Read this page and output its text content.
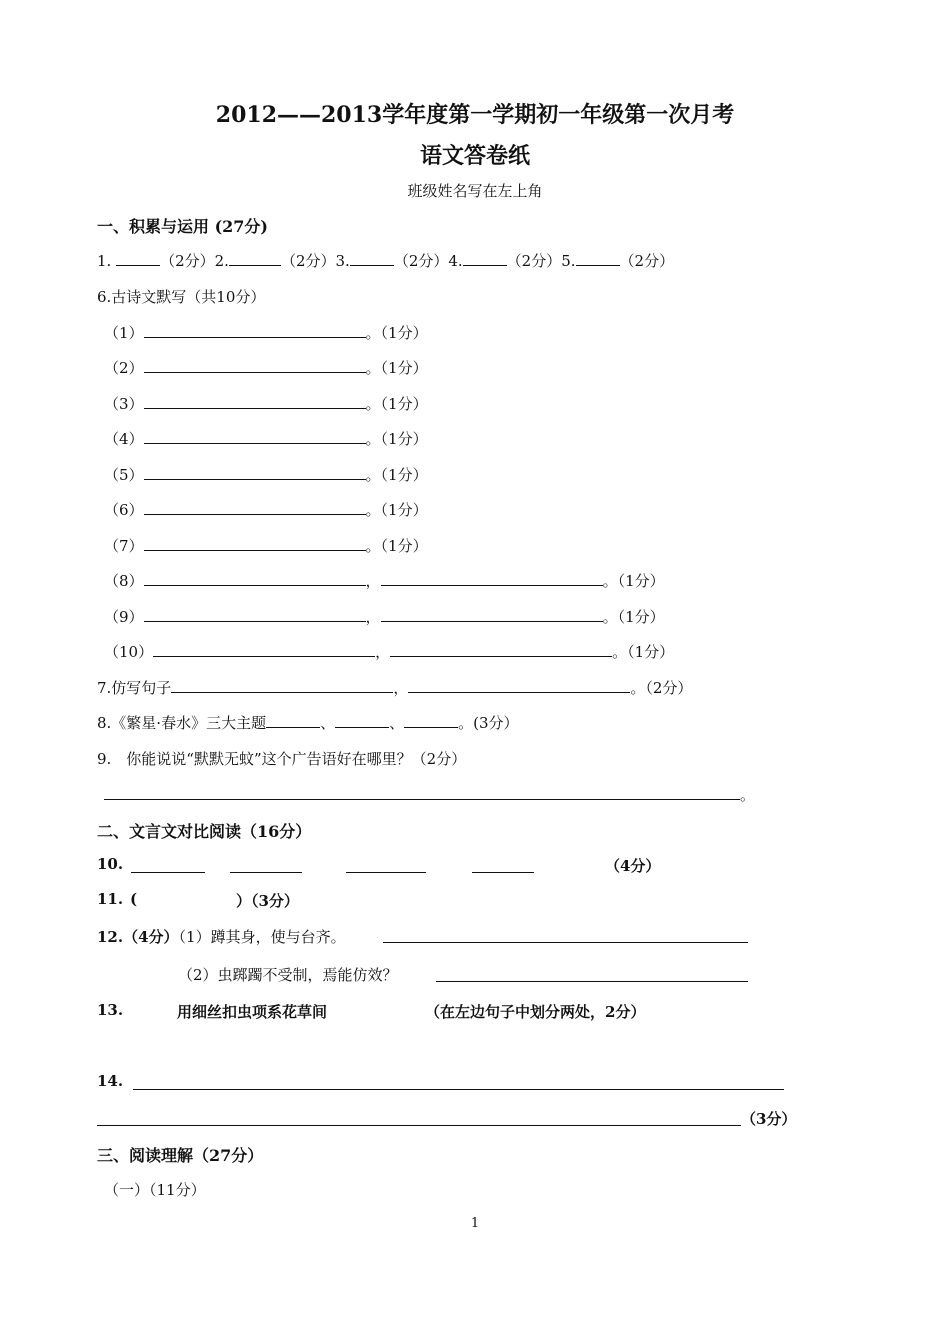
2012——2013学年度第一学期初一年级第一次月考
语文答卷纸
班级姓名写在左上角
一、积累与运用 (27分)
1.	（2分）2.	（2分）3.	（2分）4.	（2分）5.	（2分）
6.古诗文默写（共10分）
（1）	。（1分）
（2）	。（1分）
（3）	。（1分）
（4）	。（1分）
（5）	。（1分）
（6）	。（1分）
（7）	。（1分）
（8）	，	。（1分）
（9）	，	。（1分）
（10）	，	。（1分）
7.仿写句子	，	。（2分）
8.《繁星·春水》三大主题	、	、	。(3分）
9.　你能说说“默默无蚊”这个广告语好在哪里？（2分）
。
二、文言文对比阅读（16分）
10.	（4分）
11. (	）（3分）
12.（4分）（1）蹲其身，使与台齐。
（2）虫踯躅不受制，焉能仿效？
13.	用细丝扣虫项系花草间	（在左边句子中划分两处，2分）
14.
（3分）
三、阅读理解（27分）
（一）（11分）
1
